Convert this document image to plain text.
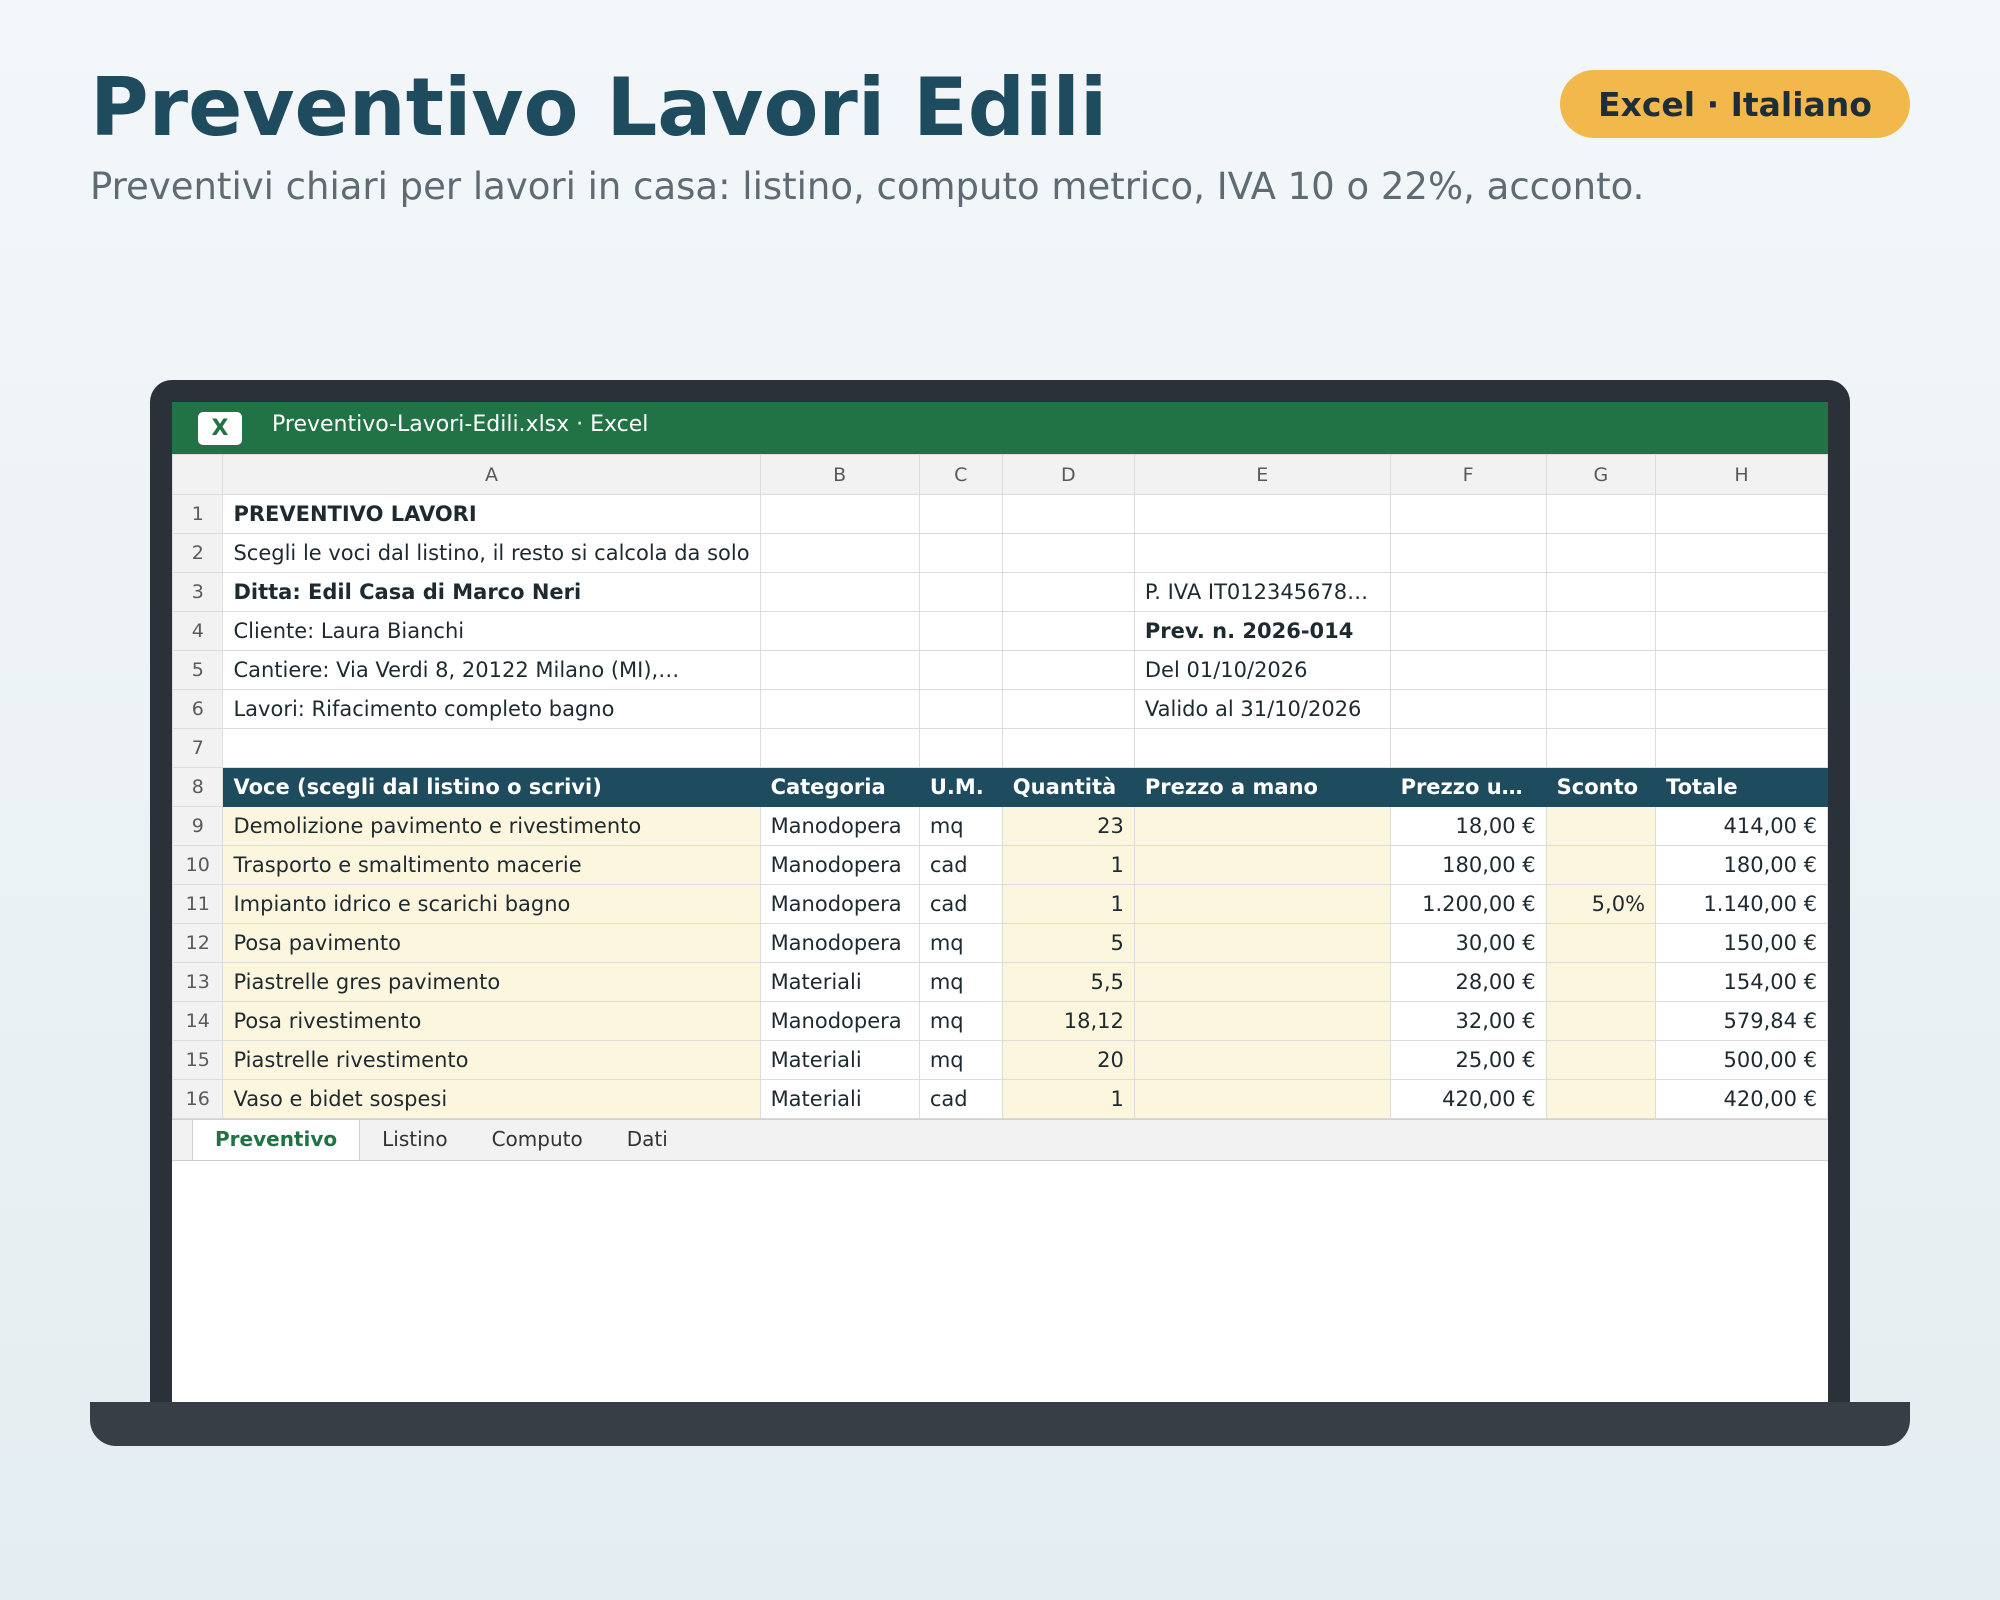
Preventivo Lavori Edili

Preventivi chiari per lavori in casa: listino, computo metrico, IVA 10 o 22%, acconto.

Excel · Italiano
X	Preventivo-Lavori-Edili.xlsx · Excel
	A	B	C	D	E	F	G	H
1	PREVENTIVO LAVORI							
2	Scegli le voci dal listino, il resto si calcola da solo							
3	Ditta: Edil Casa di Marco Neri				P. IVA IT012345678…			
4	Cliente: Laura Bianchi				Prev. n. 2026-014			
5	Cantiere: Via Verdi 8, 20122 Milano (MI),…				Del 01/10/2026			
6	Lavori: Rifacimento completo bagno				Valido al 31/10/2026			
7								
8	Voce (scegli dal listino o scrivi)	Categoria	U.M.	Quantità	Prezzo a mano	Prezzo u…	Sconto	Totale
9	Demolizione pavimento e rivestimento	Manodopera	mq	23		18,00 €		414,00 €
10	Trasporto e smaltimento macerie	Manodopera	cad	1		180,00 €		180,00 €
11	Impianto idrico e scarichi bagno	Manodopera	cad	1		1.200,00 €	5,0%	1.140,00 €
12	Posa pavimento	Manodopera	mq	5		30,00 €		150,00 €
13	Piastrelle gres pavimento	Materiali	mq	5,5		28,00 €		154,00 €
14	Posa rivestimento	Manodopera	mq	18,12		32,00 €		579,84 €
15	Piastrelle rivestimento	Materiali	mq	20		25,00 €		500,00 €
16	Vaso e bidet sospesi	Materiali	cad	1		420,00 €		420,00 €
Preventivo	Listino	Computo	Dati
